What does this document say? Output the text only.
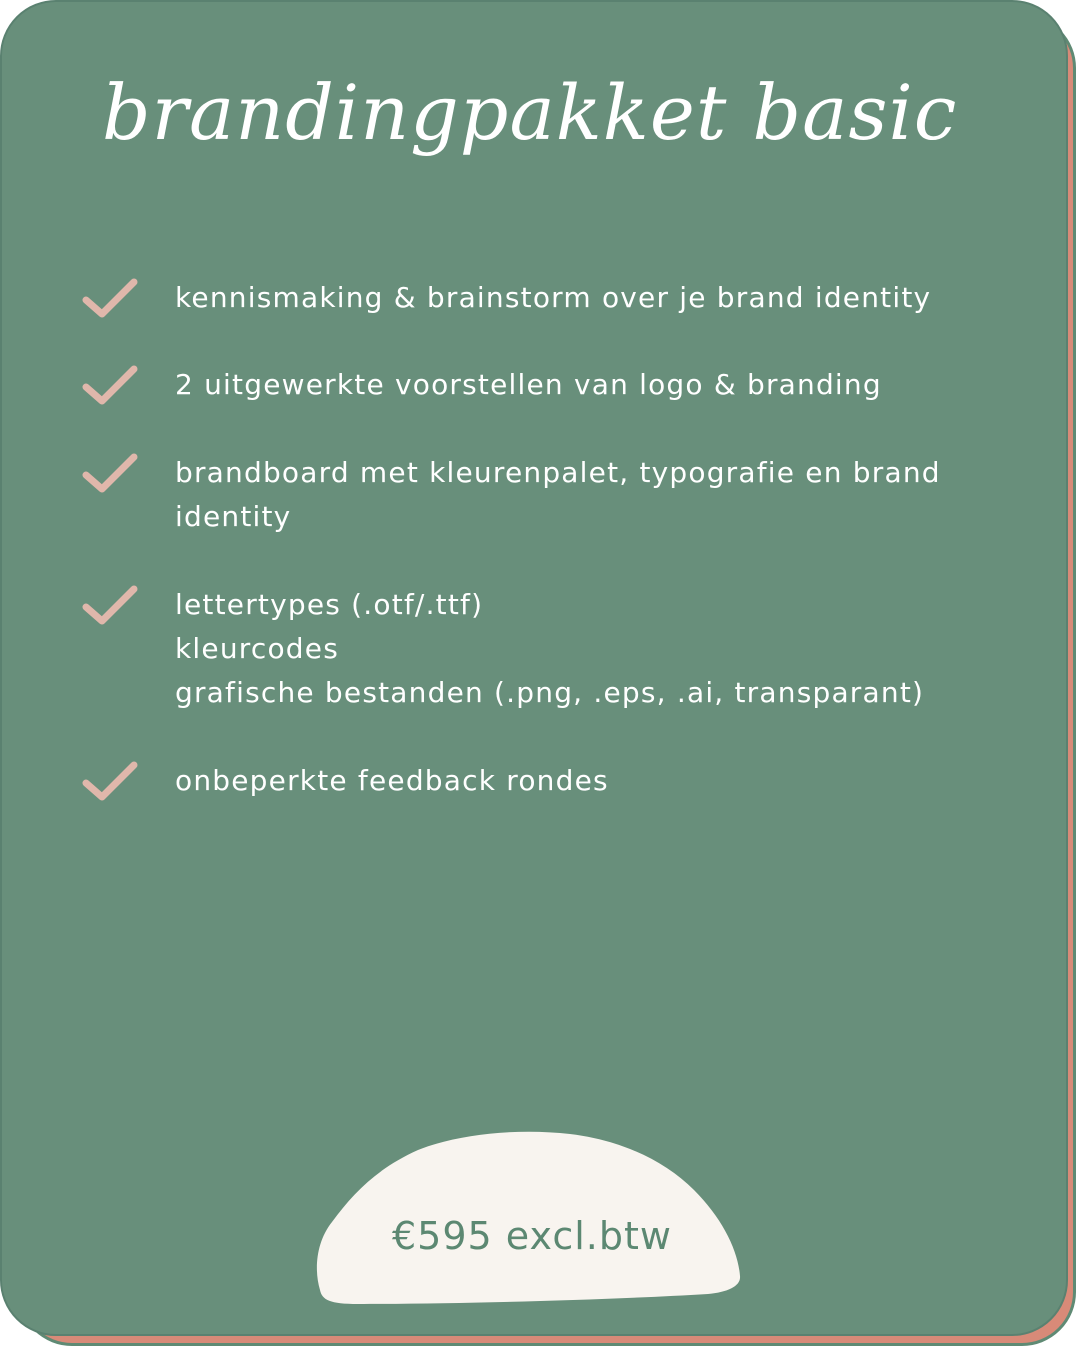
brandingpakket basic
kennismaking & brainstorm over je brand identity
2 uitgewerkte voorstellen van logo & branding
brandboard met kleurenpalet, typografie en brand
identity
lettertypes (.otf/.ttf)
kleurcodes
grafische bestanden (.png, .eps, .ai, transparant)
onbeperkte feedback rondes
€595 excl.btw
